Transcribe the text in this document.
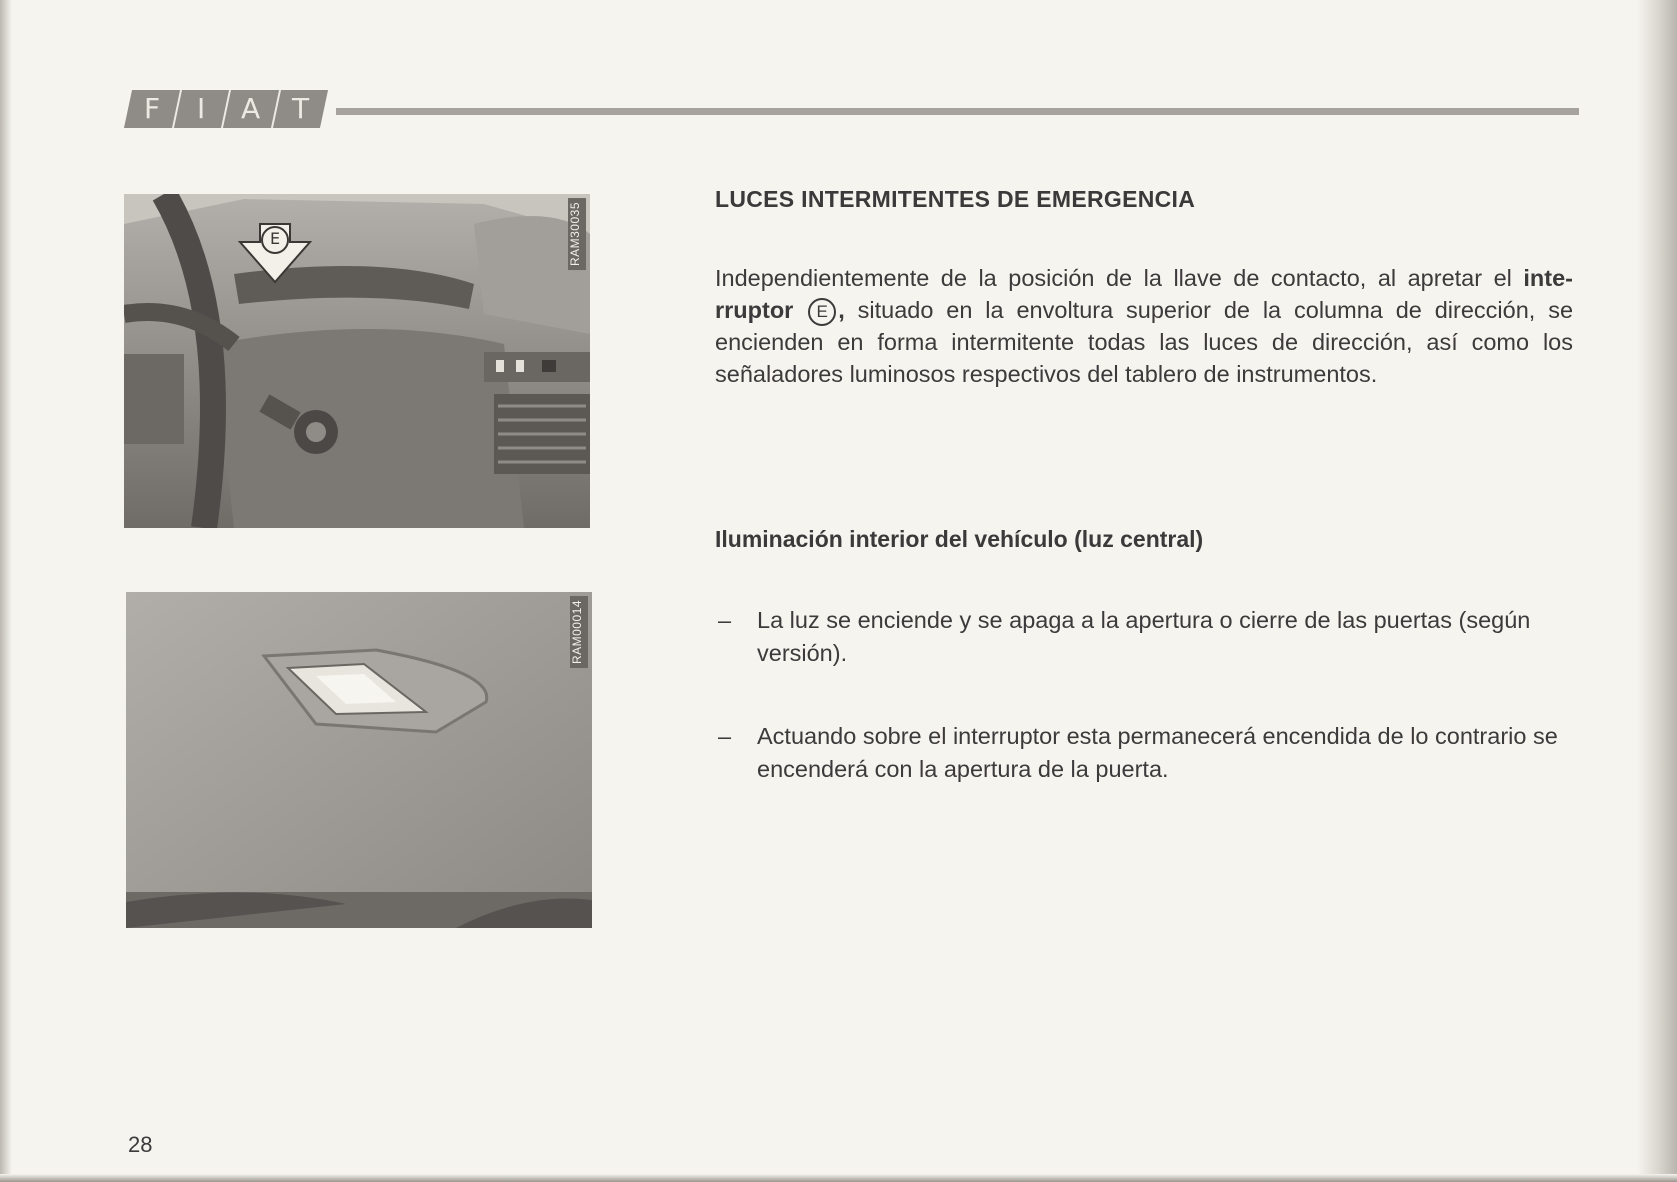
F	I	A	T
E	RAM30035
RAM00014
LUCES INTERMITENTES DE EMERGENCIA
Independientemente de la posición de la llave de contacto, al apretar el inte-rruptor E , situado en la envoltura superior de la columna de dirección, se encienden en forma intermitente todas las luces de dirección, así como los señaladores luminosos respectivos del tablero de instrumentos.
Iluminación interior del vehículo (luz central)
– La luz se enciende y se apaga a la apertura o cierre de las puertas (según versión).
– Actuando sobre el interruptor esta permanecerá encendida de lo contrario se encenderá con la apertura de la puerta.
28
